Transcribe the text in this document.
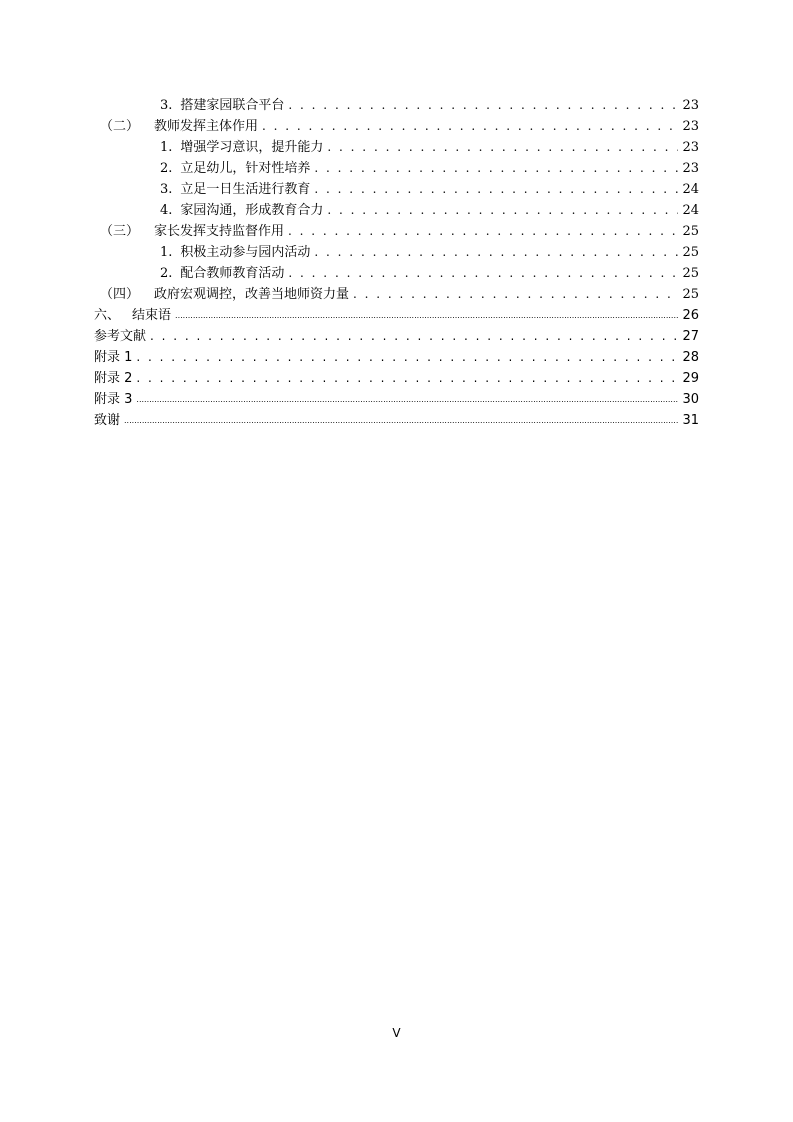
3. 搭建家园联合平台 . . .	23
（二）	教师发挥主体作用 . . .	23
1. 增强学习意识，提升能力 . . .	23
2. 立足幼儿，针对性培养 . . .	23
3. 立足一日生活进行教育 . . .	24
4. 家园沟通，形成教育合力 . . .	24
（三）	家长发挥支持监督作用 . . .	25
1. 积极主动参与园内活动 . . .	25
2. 配合教师教育活动 . . .	25
（四）	政府宏观调控，改善当地师资力量 . . .	25
六、 结束语 .....	26
参考文献 . . .	27
附录 1 . . .	28
附录 2 . . .	29
附录 3 .....	30
致谢 .....	31
V
